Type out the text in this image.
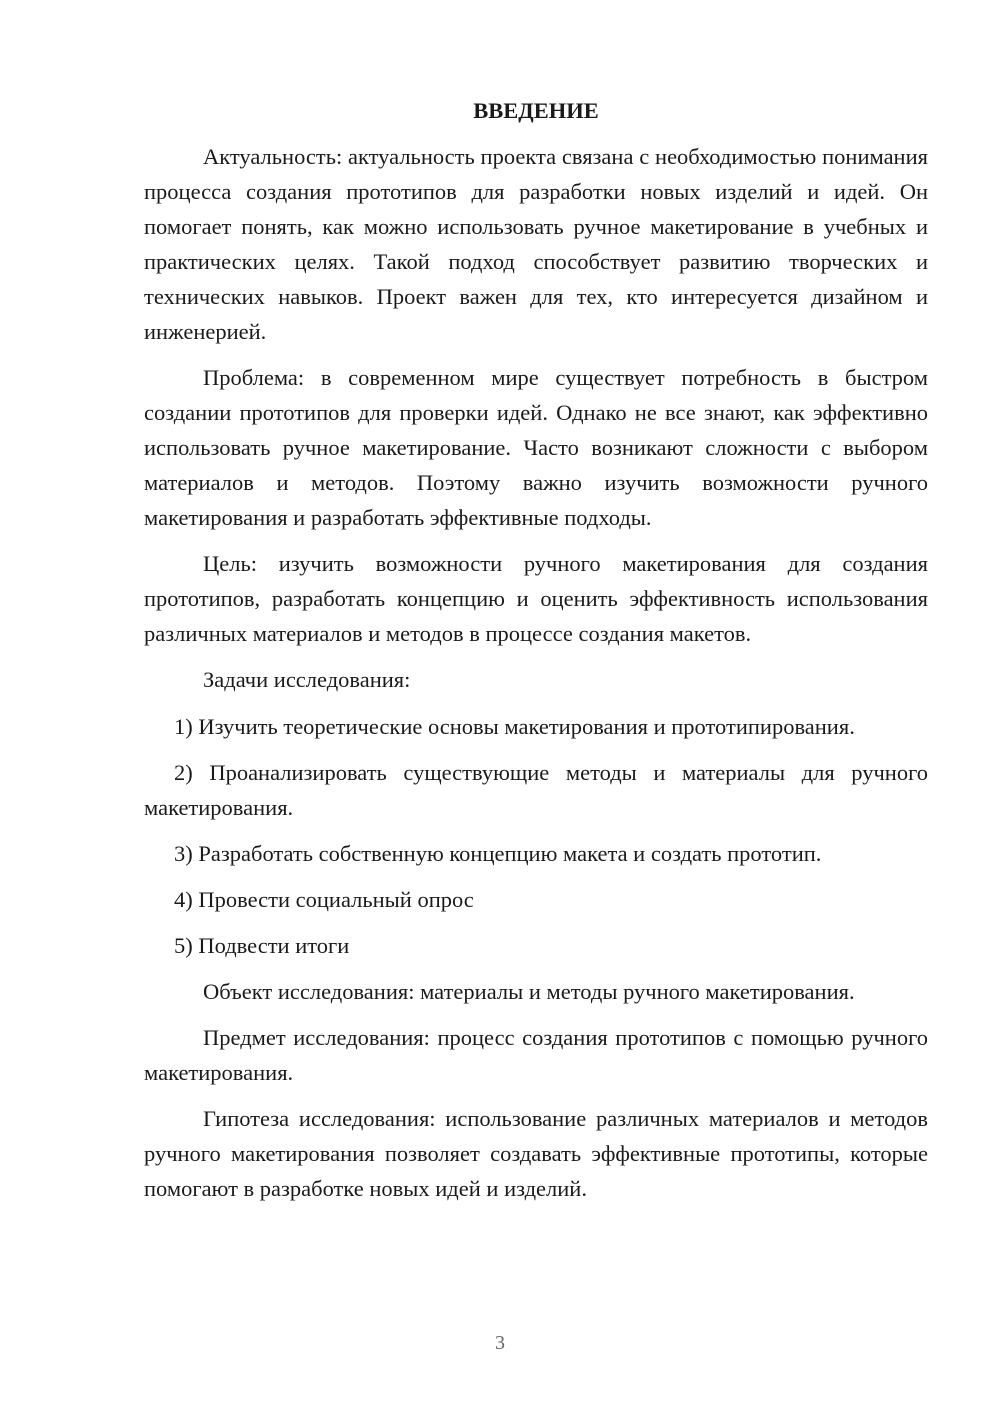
ВВЕДЕНИЕ

Актуальность: актуальность проекта связана с необходимостью понимания процесса создания прототипов для разработки новых изделий и идей. Он помогает понять, как можно использовать ручное макетирование в учебных и практических целях. Такой подход способствует развитию творческих и технических навыков. Проект важен для тех, кто интересуется дизайном и инженерией.

Проблема: в современном мире существует потребность в быстром создании прототипов для проверки идей. Однако не все знают, как эффективно использовать ручное макетирование. Часто возникают сложности с выбором материалов и методов. Поэтому важно изучить возможности ручного макетирования и разработать эффективные подходы.

Цель: изучить возможности ручного макетирования для создания прототипов, разработать концепцию и оценить эффективность использования различных материалов и методов в процессе создания макетов.

Задачи исследования:

1) Изучить теоретические основы макетирования и прототипирования.

2) Проанализировать существующие методы и материалы для ручного макетирования.

3) Разработать собственную концепцию макета и создать прототип.

4) Провести социальный опрос

5) Подвести итоги

Объект исследования: материалы и методы ручного макетирования.

Предмет исследования: процесс создания прототипов с помощью ручного макетирования.

Гипотеза исследования: использование различных материалов и методов ручного макетирования позволяет создавать эффективные прототипы, которые помогают в разработке новых идей и изделий.

3
